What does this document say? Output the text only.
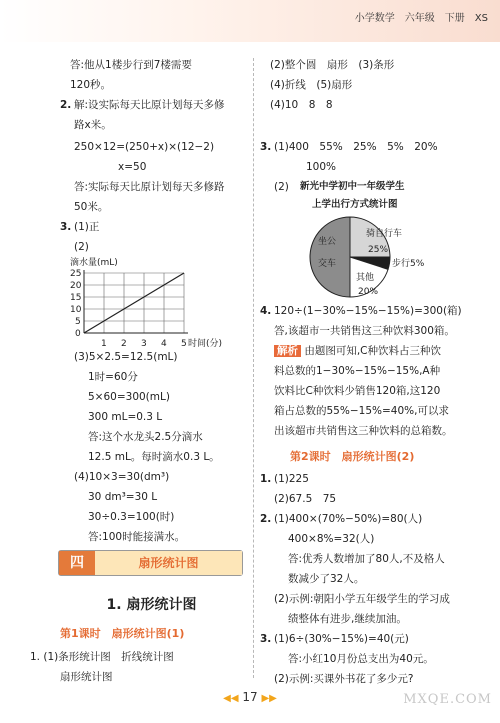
小学数学　六年级　下册　XS
答:他从1楼步行到7楼需要
120秒。
2. 解:设实际每天比原计划每天多修
路x米。
250×12=(250+x)×(12−2)
x=50
答:实际每天比原计划每天多修路
50米。
3. (1)正
(2)
滴水量(mL)
25
20
15
10
5
0
1 2 3 4 5 时间(分)
(3)5×2.5=12.5(mL)
1时=60分
5×60=300(mL)
300 mL=0.3 L
答:这个水龙头2.5分滴水
12.5 mL。每时滴水0.3 L。
(4)10×3=30(dm³)
30 dm³=30 L
30÷0.3=100(时)
答:100时能接满水。
四	扇形统计图
1. 扇形统计图
第1课时　扇形统计图(1)
1. (1)条形统计图　折线统计图
扇形统计图
(2)整个圆　扇形　(3)条形
(4)折线　(5)扇形
(4)10　8　8
3. (1)400　55%　25%　5%　20%
100%
(2) 新光中学初中一年级学生
上学出行方式统计图
坐公
交车
骑自行车
25%
步行5%
其他
20%
4. 120÷(1−30%−15%−15%)=300(箱)
答,该超市一共销售这三种饮料300箱。
解析 由题图可知,C种饮料占三种饮
料总数的1−30%−15%−15%,A种
饮料比C种饮料少销售120箱,这120
箱占总数的55%−15%=40%,可以求
出该超市共销售这三种饮料的总箱数。
第2课时　扇形统计图(2)
1. (1)225
(2)67.5　75
2. (1)400×(70%−50%)=80(人)
400×8%=32(人)
答:优秀人数增加了80人,不及格人
数减少了32人。
(2)示例:朝阳小学五年级学生的学习成
绩整体有进步,继续加油。
3. (1)6÷(30%−15%)=40(元)
答:小红10月份总支出为40元。
(2)示例:买课外书花了多少元?
◀◀ 17 ▶▶	MXQE.COM
